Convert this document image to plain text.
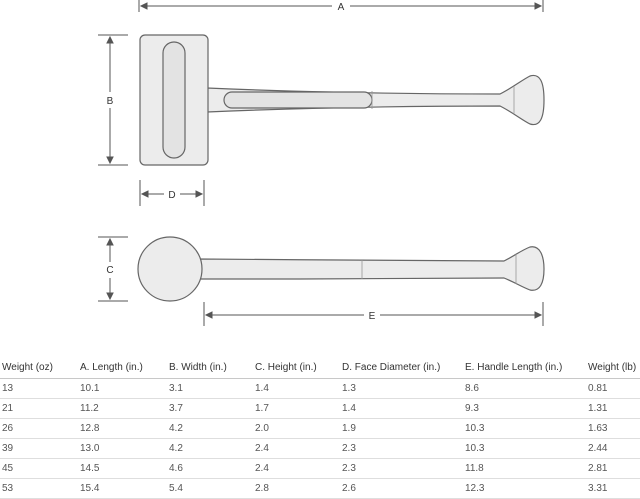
A
B
D
C
E
Weight (oz)	A. Length (in.)	B. Width (in.)	C. Height (in.)	D. Face Diameter (in.)	E. Handle Length (in.)	Weight (lb)
13	10.1	3.1	1.4	1.3	8.6	0.81
21	11.2	3.7	1.7	1.4	9.3	1.31
26	12.8	4.2	2.0	1.9	10.3	1.63
39	13.0	4.2	2.4	2.3	10.3	2.44
45	14.5	4.6	2.4	2.3	11.8	2.81
53	15.4	5.4	2.8	2.6	12.3	3.31
